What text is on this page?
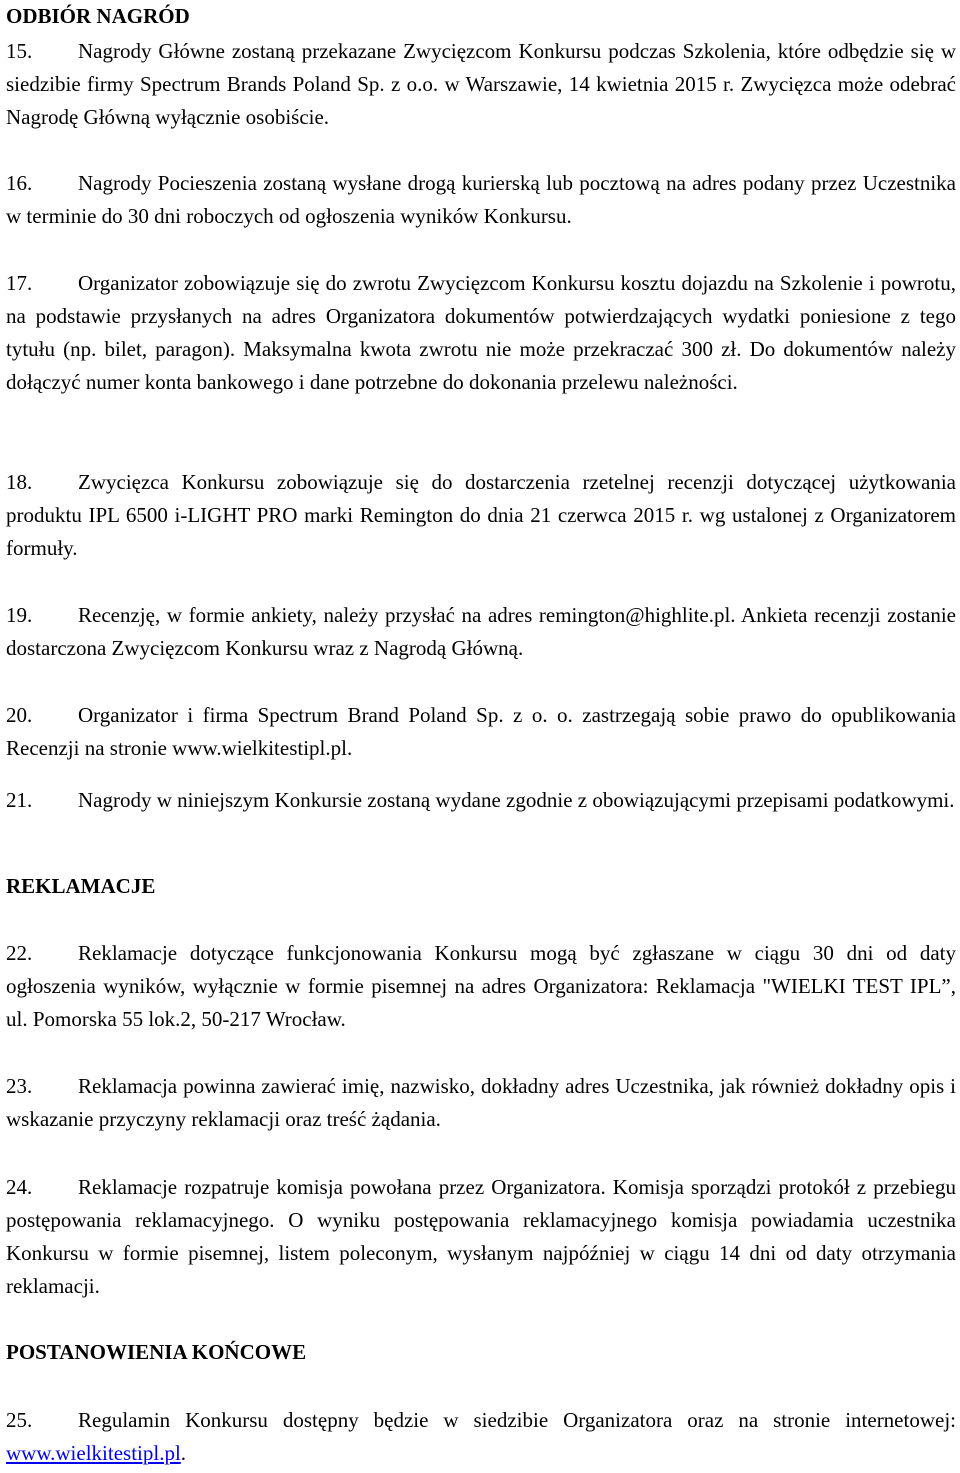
ODBIÓR NAGRÓD

15. Nagrody Główne zostaną przekazane Zwycięzcom Konkursu podczas Szkolenia, które odbędzie się w siedzibie firmy Spectrum Brands Poland Sp. z o.o. w Warszawie, 14 kwietnia 2015 r. Zwycięzca może odebrać Nagrodę Główną wyłącznie osobiście.

16. Nagrody Pocieszenia zostaną wysłane drogą kurierską lub pocztową na adres podany przez Uczestnika w terminie do 30 dni roboczych od ogłoszenia wyników Konkursu.

17. Organizator zobowiązuje się do zwrotu Zwycięzcom Konkursu kosztu dojazdu na Szkolenie i powrotu, na podstawie przysłanych na adres Organizatora dokumentów potwierdzających wydatki poniesione z tego tytułu (np. bilet, paragon). Maksymalna kwota zwrotu nie może przekraczać 300 zł. Do dokumentów należy dołączyć numer konta bankowego i dane potrzebne do dokonania przelewu należności.

18. Zwycięzca Konkursu zobowiązuje się do dostarczenia rzetelnej recenzji dotyczącej użytkowania produktu IPL 6500 i-LIGHT PRO marki Remington do dnia 21 czerwca 2015 r. wg ustalonej z Organizatorem formuły.

19. Recenzję, w formie ankiety, należy przysłać na adres remington@highlite.pl. Ankieta recenzji zostanie dostarczona Zwycięzcom Konkursu wraz z Nagrodą Główną.

20. Organizator i firma Spectrum Brand Poland Sp. z o. o. zastrzegają sobie prawo do opublikowania Recenzji na stronie www.wielkitestipl.pl.

21. Nagrody w niniejszym Konkursie zostaną wydane zgodnie z obowiązującymi przepisami podatkowymi.

REKLAMACJE

22. Reklamacje dotyczące funkcjonowania Konkursu mogą być zgłaszane w ciągu 30 dni od daty ogłoszenia wyników, wyłącznie w formie pisemnej na adres Organizatora: Reklamacja "WIELKI TEST IPL”, ul. Pomorska 55 lok.2, 50-217 Wrocław.

23. Reklamacja powinna zawierać imię, nazwisko, dokładny adres Uczestnika, jak również dokładny opis i wskazanie przyczyny reklamacji oraz treść żądania.

24. Reklamacje rozpatruje komisja powołana przez Organizatora. Komisja sporządzi protokół z przebiegu postępowania reklamacyjnego. O wyniku postępowania reklamacyjnego komisja powiadamia uczestnika Konkursu w formie pisemnej, listem poleconym, wysłanym najpóźniej w ciągu 14 dni od daty otrzymania reklamacji.

POSTANOWIENIA KOŃCOWE

25. Regulamin Konkursu dostępny będzie w siedzibie Organizatora oraz na stronie internetowej: www.wielkitestipl.pl.
